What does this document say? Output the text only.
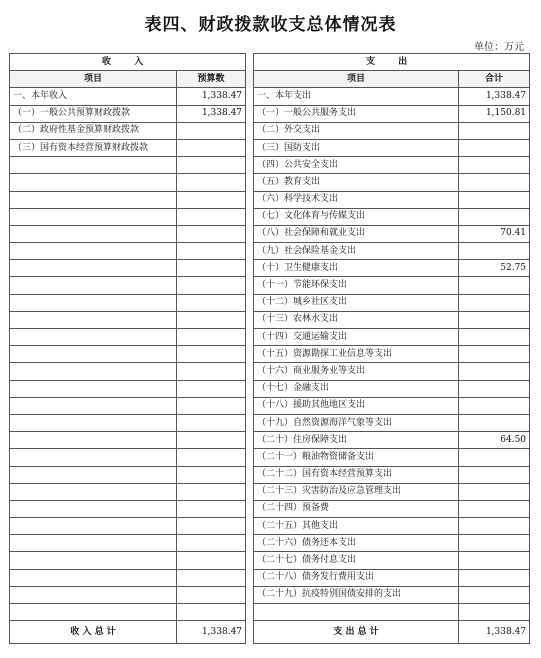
表四、财政拨款收支总体情况表
单位：万元
收 入			支 出	
项目	预算数		项目	合计
一、本年收入	1,338.47		一、本年支出	1,338.47
（一）一般公共预算财政拨款	1,338.47		（一）一般公共服务支出	1,150.81
（二）政府性基金预算财政拨款			（二）外交支出	
（三）国有资本经营预算财政拨款			（三）国防支出	
			（四）公共安全支出	
			（五）教育支出	
			（六）科学技术支出	
			（七）文化体育与传媒支出	
			（八）社会保障和就业支出	70.41
			（九）社会保险基金支出	
			（十）卫生健康支出	52.75
			（十一）节能环保支出	
			（十二）城乡社区支出	
			（十三）农林水支出	
			（十四）交通运输支出	
			（十五）资源勘探工业信息等支出	
			（十六）商业服务业等支出	
			（十七）金融支出	
			（十八）援助其他地区支出	
			（十九）自然资源海洋气象等支出	
			（二十）住房保障支出	64.50
			（二十一）粮油物资储备支出	
			（二十二）国有资本经营预算支出	
			（二十三）灾害防治及应急管理支出	
			（二十四）预备费	
			（二十五）其他支出	
			（二十六）债务还本支出	
			（二十七）债务付息支出	
			（二十八）债务发行费用支出	
			（二十九）抗疫特别国债安排的支出	

收 入 总 计	1,338.47		支 出 总 计	1,338.47
